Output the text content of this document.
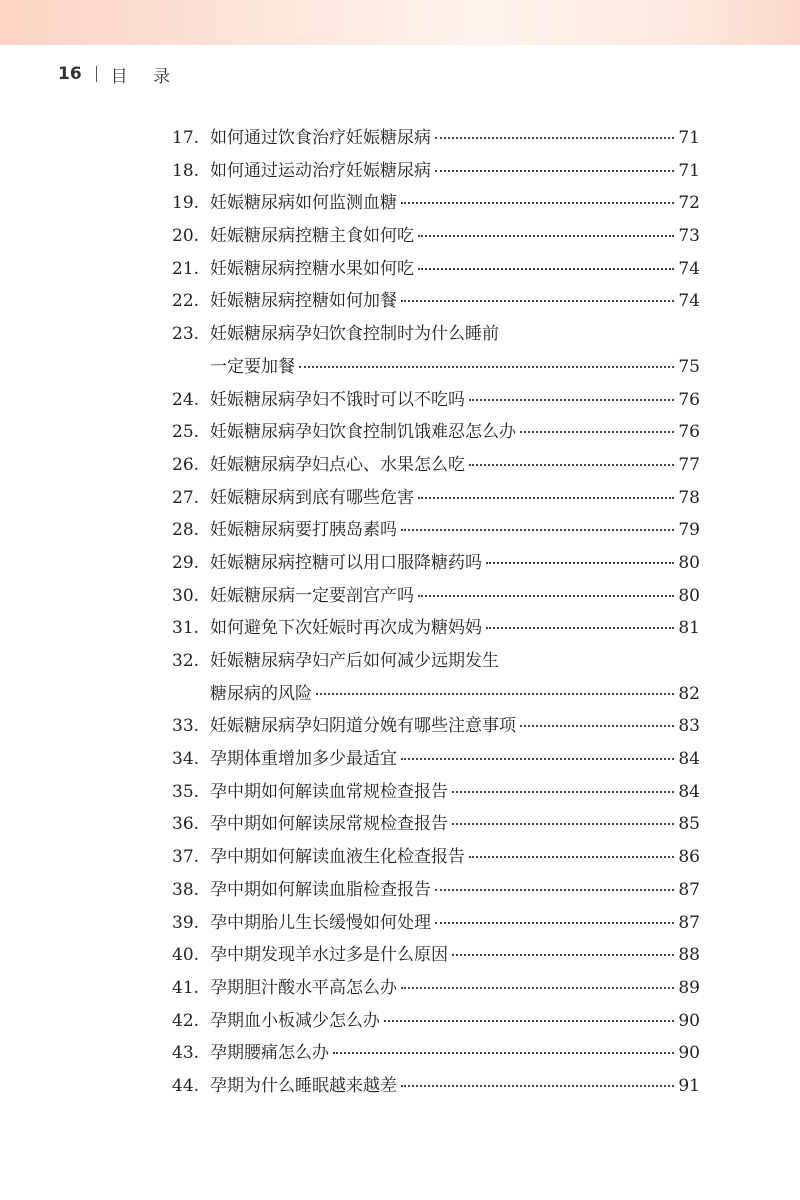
16 目 录
17. 如何通过饮食治疗妊娠糖尿病	71
18. 如何通过运动治疗妊娠糖尿病	71
19. 妊娠糖尿病如何监测血糖	72
20. 妊娠糖尿病控糖主食如何吃	73
21. 妊娠糖尿病控糖水果如何吃	74
22. 妊娠糖尿病控糖如何加餐	74
23. 妊娠糖尿病孕妇饮食控制时为什么睡前
一定要加餐	75
24. 妊娠糖尿病孕妇不饿时可以不吃吗	76
25. 妊娠糖尿病孕妇饮食控制饥饿难忍怎么办	76
26. 妊娠糖尿病孕妇点心、水果怎么吃	77
27. 妊娠糖尿病到底有哪些危害	78
28. 妊娠糖尿病要打胰岛素吗	79
29. 妊娠糖尿病控糖可以用口服降糖药吗	80
30. 妊娠糖尿病一定要剖宫产吗	80
31. 如何避免下次妊娠时再次成为糖妈妈	81
32. 妊娠糖尿病孕妇产后如何减少远期发生
糖尿病的风险	82
33. 妊娠糖尿病孕妇阴道分娩有哪些注意事项	83
34. 孕期体重增加多少最适宜	84
35. 孕中期如何解读血常规检查报告	84
36. 孕中期如何解读尿常规检查报告	85
37. 孕中期如何解读血液生化检查报告	86
38. 孕中期如何解读血脂检查报告	87
39. 孕中期胎儿生长缓慢如何处理	87
40. 孕中期发现羊水过多是什么原因	88
41. 孕期胆汁酸水平高怎么办	89
42. 孕期血小板减少怎么办	90
43. 孕期腰痛怎么办	90
44. 孕期为什么睡眠越来越差	91
